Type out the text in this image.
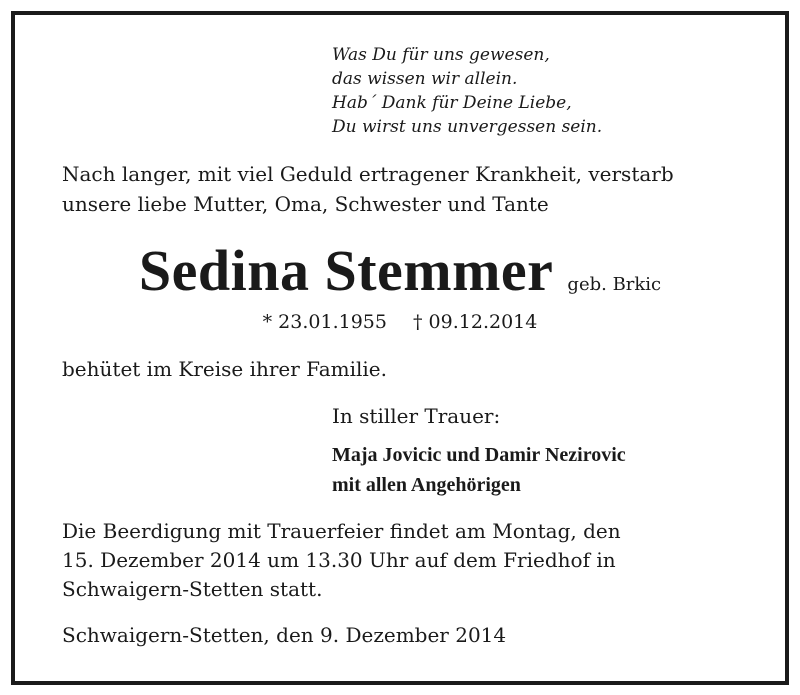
Was Du für uns gewesen,
das wissen wir allein.
Hab´ Dank für Deine Liebe,
Du wirst uns unvergessen sein.
Nach langer, mit viel Geduld ertragener Krankheit, verstarb
unsere liebe Mutter, Oma, Schwester und Tante
Sedina Stemmer geb. Brkic
* 23.01.1955 † 09.12.2014
behütet im Kreise ihrer Familie.
In stiller Trauer:
Maja Jovicic und Damir Nezirovic
mit allen Angehörigen
Die Beerdigung mit Trauerfeier findet am Montag, den
15. Dezember 2014 um 13.30 Uhr auf dem Friedhof in
Schwaigern-Stetten statt.
Schwaigern-Stetten, den 9. Dezember 2014
